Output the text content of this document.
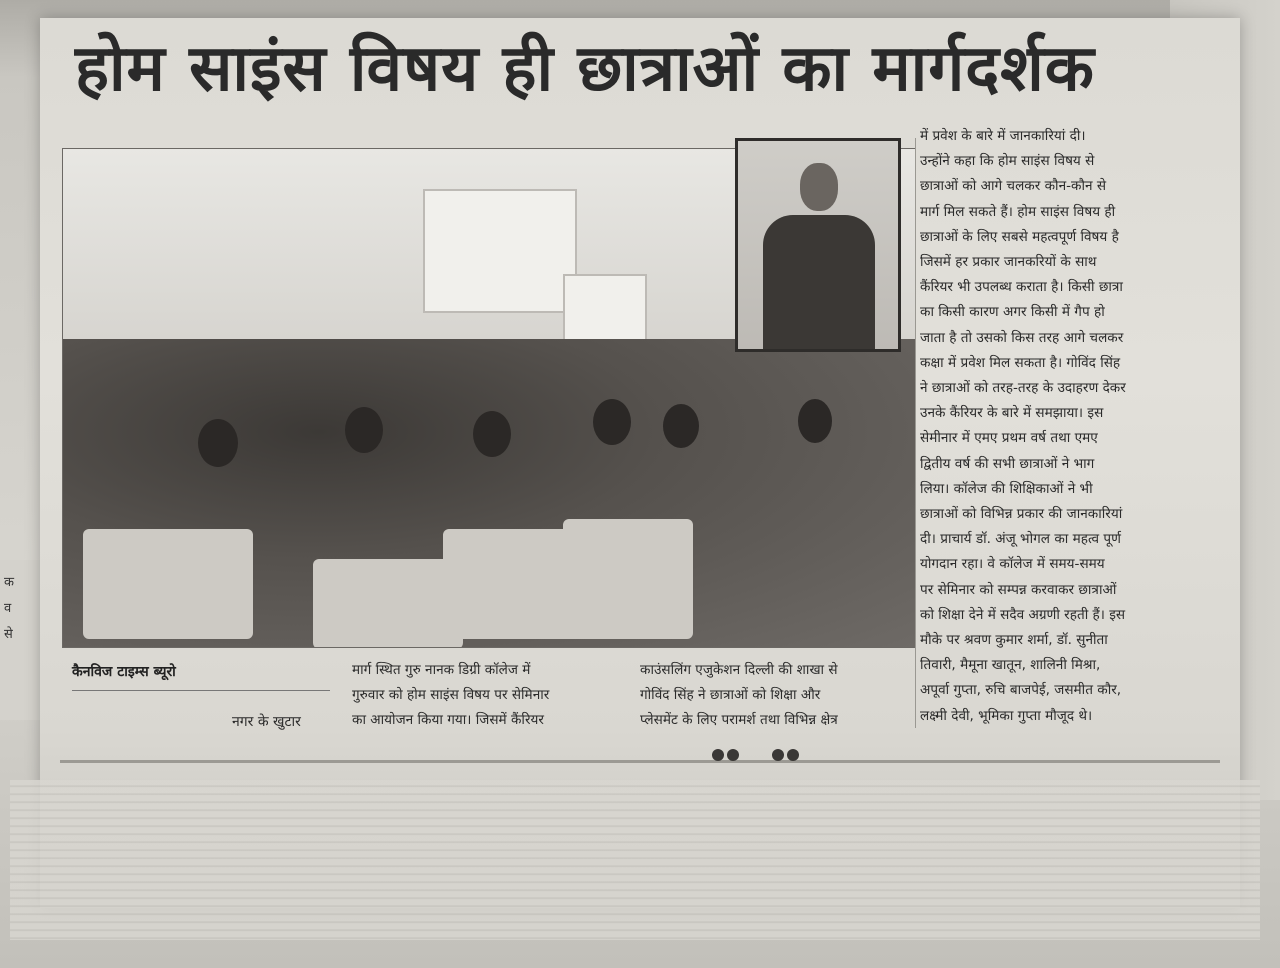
क
व
से
होम साइंस विषय ही छात्राओं का मार्गदर्शक
में प्रवेश के बारे में जानकारियां दी।
उन्होंने कहा कि होम साइंस विषय से
छात्राओं को आगे चलकर कौन-कौन से
मार्ग मिल सकते हैं। होम साइंस विषय ही
छात्राओं के लिए सबसे महत्वपूर्ण विषय है
जिसमें हर प्रकार जानकरियों के साथ
कैंरियर भी उपलब्ध कराता है। किसी छात्रा
का किसी कारण अगर किसी में गैप हो
जाता है तो उसको किस तरह आगे चलकर
कक्षा में प्रवेश मिल सकता है। गोविंद सिंह
ने छात्राओं को तरह-तरह के उदाहरण देकर
उनके कैंरियर के बारे में समझाया। इस
सेमीनार में एमए प्रथम वर्ष तथा एमए
द्वितीय वर्ष की सभी छात्राओं ने भाग
लिया। कॉलेज की शिक्षिकाओं ने भी
छात्राओं को विभिन्न प्रकार की जानकारियां
दी। प्राचार्य डॉ. अंजू भोगल का महत्व पूर्ण
योगदान रहा। वे कॉलेज में समय-समय
पर सेमिनार को सम्पन्न करवाकर छात्राओं
को शिक्षा देने में सदैव अग्रणी रहती हैं। इस
मौके पर श्रवण कुमार शर्मा, डॉ. सुनीता
तिवारी, मैमूना खातून, शालिनी मिश्रा,
अपूर्वा गुप्ता, रुचि बाजपेई, जसमीत कौर,
लक्ष्मी देवी, भूमिका गुप्ता मौजूद थे।

कैनविज टाइम्स ब्यूरो

नगर के खुटार

मार्ग स्थित गुरु नानक डिग्री कॉलेज में
गुरुवार को होम साइंस विषय पर सेमिनार
का आयोजन किया गया। जिसमें कैंरियर
काउंसलिंग एजुकेशन दिल्ली की शाखा से
गोविंद सिंह ने छात्राओं को शिक्षा और
प्लेसमेंट के लिए परामर्श तथा विभिन्न क्षेत्र
